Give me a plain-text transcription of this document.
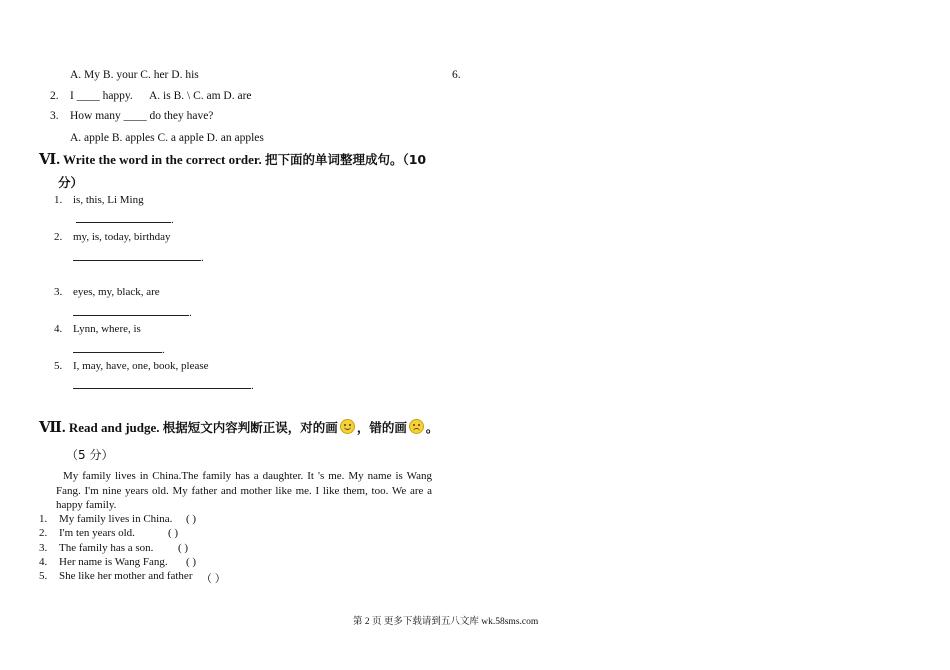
A. My B. your C. her D. his	6.
2. I ____ happy. A. is B. \ C. am D. are
3. How many ____ do they have?
A. apple B. apples C. a apple D. an apples
Ⅵ. Write the word in the correct order. 把下面的单词整理成句。（10
分）
1. is, this, Li Ming
.
2. my, is, today, birthday
.
3. eyes, my, black, are
.
4. Lynn, where, is
.
5. I, may, have, one, book, please
.
Ⅶ. Read and judge. 根据短文内容判断正误，对的画 ，错的画 。
（5 分）
My family lives in China.The family has a daughter. It 's me. My name is Wang Fang. I'm nine years old. My father and mother like me. I like them, too. We are a happy family.
1. My family lives in China. ( )
2. I'm ten years old.	( )
3. The family has a son. ( )
4. Her name is Wang Fang. ( )
5. She like her mother and father （ ）
第 2 页 更多下载请到五八文库 wk.58sms.com
